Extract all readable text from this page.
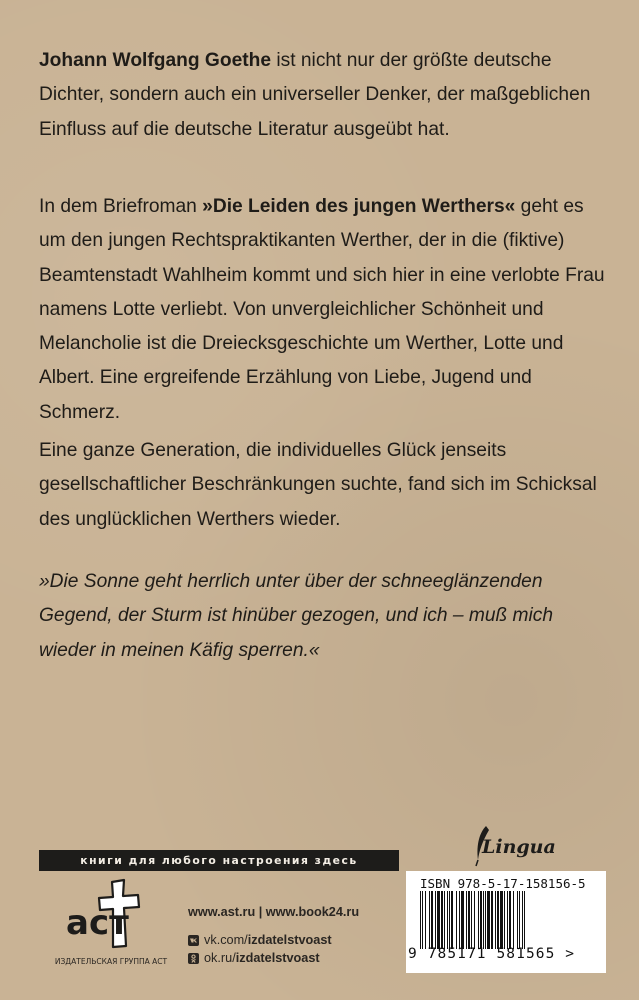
Johann Wolfgang Goethe ist nicht nur der größte deutsche Dichter, sondern auch ein universeller Denker, der maßgeblichen Einfluss auf die deutsche Literatur ausgeübt hat.

In dem Briefroman »Die Leiden des jungen Werthers« geht es um den jungen Rechtspraktikanten Werther, der in die (fiktive) Beamtenstadt Wahlheim kommt und sich hier in eine verlobte Frau namens Lotte verliebt. Von unvergleichlicher Schönheit und Melancholie ist die Dreiecksgeschichte um Werther, Lotte und Albert. Eine ergreifende Erzählung von Liebe, Jugend und Schmerz.

Eine ganze Generation, die individuelles Glück jenseits gesellschaftlicher Beschränkungen suchte, fand sich im Schicksal des unglücklichen Werthers wieder.

»Die Sonne geht herrlich unter über der schneeglänzenden Gegend, der Sturm ist hinüber gezogen, und ich – muß mich wieder in meinen Käfig sperren.«

книги для любого настроения здесь
Lingua
ISBN 978-5-17-158156-5
9 785171 581565 >
аст
ИЗДАТЕЛЬСКАЯ ГРУППА АСТ
www.ast.ru | www.book24.ru
vk.com/ izdatelstvoast
ok.ru/ izdatelstvoast
